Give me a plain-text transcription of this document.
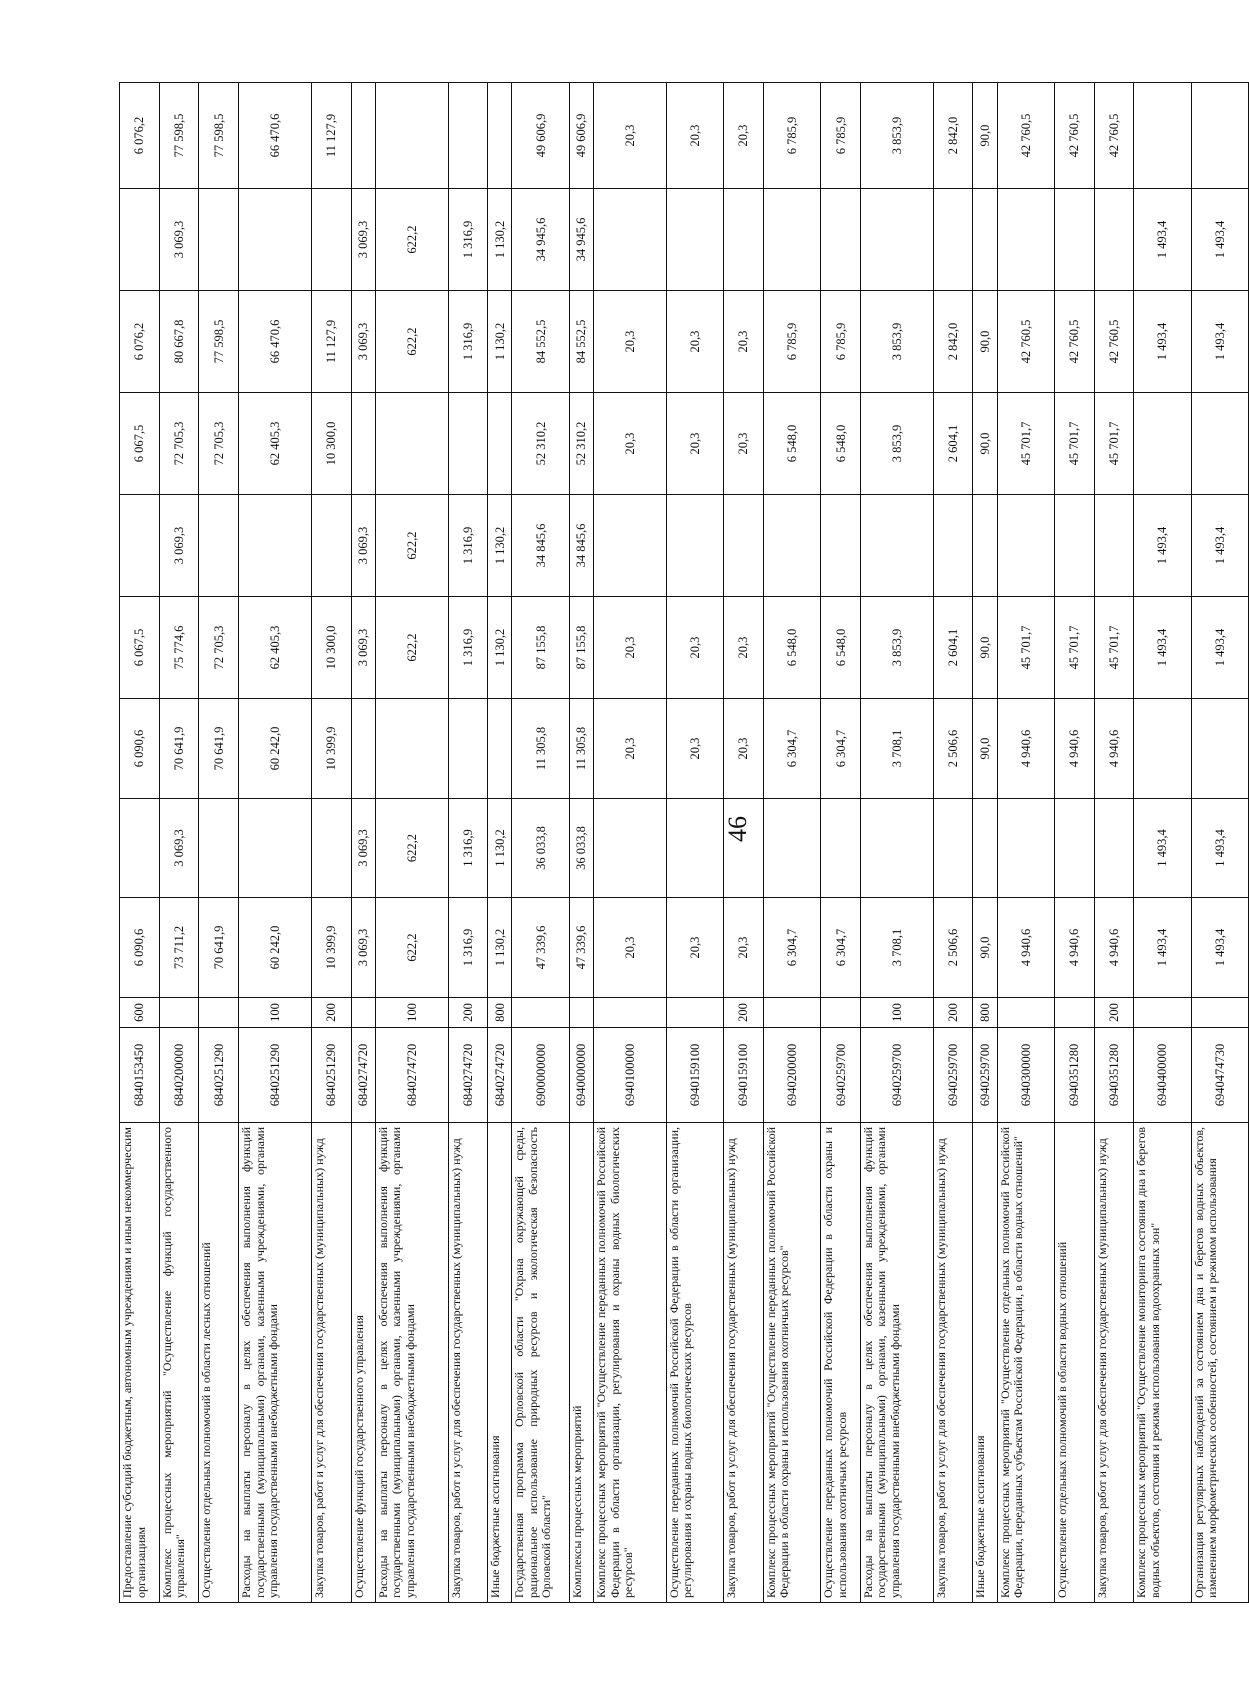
46
Предоставление субсидий бюджетным, автономным учреждениям и иным некоммерческим организациям	6840153450	600	6 090,6		6 090,6	6 067,5		6 067,5	6 076,2		6 076,2
Комплекс процессных мероприятий "Осуществление функций государственного управления"	6840200000		73 711,2	3 069,3	70 641,9	75 774,6	3 069,3	72 705,3	80 667,8	3 069,3	77 598,5
Осуществление отдельных полномочий в области лесных отношений	6840251290		70 641,9		70 641,9	72 705,3		72 705,3	77 598,5		77 598,5
Расходы на выплаты персоналу в целях обеспечения выполнения функций государственными (муниципальными) органами, казенными учреждениями, органами управления государственными внебюджетными фондами	6840251290	100	60 242,0		60 242,0	62 405,3		62 405,3	66 470,6		66 470,6
Закупка товаров, работ и услуг для обеспечения государственных (муниципальных) нужд	6840251290	200	10 399,9		10 399,9	10 300,0		10 300,0	11 127,9		11 127,9
Осуществление функций государственного управления	6840274720		3 069,3	3 069,3		3 069,3	3 069,3		3 069,3	3 069,3	
Расходы на выплаты персоналу в целях обеспечения выполнения функций государственными (муниципальными) органами, казенными учреждениями, органами управления государственными внебюджетными фондами	6840274720	100	622,2	622,2		622,2	622,2		622,2	622,2	
Закупка товаров, работ и услуг для обеспечения государственных (муниципальных) нужд	6840274720	200	1 316,9	1 316,9		1 316,9	1 316,9		1 316,9	1 316,9	
Иные бюджетные ассигнования	6840274720	800	1 130,2	1 130,2		1 130,2	1 130,2		1 130,2	1 130,2	
Государственная программа Орловской области "Охрана окружающей среды, рациональное использование природных ресурсов и экологическая безопасность Орловской области"	6900000000		47 339,6	36 033,8	11 305,8	87 155,8	34 845,6	52 310,2	84 552,5	34 945,6	49 606,9
Комплексы процессных мероприятий	6940000000		47 339,6	36 033,8	11 305,8	87 155,8	34 845,6	52 310,2	84 552,5	34 945,6	49 606,9
Комплекс процессных мероприятий "Осуществление переданных полномочий Российской Федерации в области организации, регулирования и охраны водных биологических ресурсов"	6940100000		20,3		20,3	20,3		20,3	20,3		20,3
Осуществление переданных полномочий Российской Федерации в области организации, регулирования и охраны водных биологических ресурсов	6940159100		20,3		20,3	20,3		20,3	20,3		20,3
Закупка товаров, работ и услуг для обеспечения государственных (муниципальных) нужд	6940159100	200	20,3		20,3	20,3		20,3	20,3		20,3
Комплекс процессных мероприятий "Осуществление переданных полномочий Российской Федерации в области охраны и использования охотничьих ресурсов"	6940200000		6 304,7		6 304,7	6 548,0		6 548,0	6 785,9		6 785,9
Осуществление переданных полномочий Российской Федерации в области охраны и использования охотничьих ресурсов	6940259700		6 304,7		6 304,7	6 548,0		6 548,0	6 785,9		6 785,9
Расходы на выплаты персоналу в целях обеспечения выполнения функций государственными (муниципальными) органами, казенными учреждениями, органами управления государственными внебюджетными фондами	6940259700	100	3 708,1		3 708,1	3 853,9		3 853,9	3 853,9		3 853,9
Закупка товаров, работ и услуг для обеспечения государственных (муниципальных) нужд	6940259700	200	2 506,6		2 506,6	2 604,1		2 604,1	2 842,0		2 842,0
Иные бюджетные ассигнования	6940259700	800	90,0		90,0	90,0		90,0	90,0		90,0
Комплекс процессных мероприятий "Осуществление отдельных полномочий Российской Федерации, переданных субъектам Российской Федерации, в области водных отношений"	6940300000		4 940,6		4 940,6	45 701,7		45 701,7	42 760,5		42 760,5
Осуществление отдельных полномочий в области водных отношений	6940351280		4 940,6		4 940,6	45 701,7		45 701,7	42 760,5		42 760,5
Закупка товаров, работ и услуг для обеспечения государственных (муниципальных) нужд	6940351280	200	4 940,6		4 940,6	45 701,7		45 701,7	42 760,5		42 760,5
Комплекс процессных мероприятий "Осуществление мониторинга состояния дна и берегов водных объектов, состояния и режима использования водоохранных зон"	6940400000		1 493,4	1 493,4		1 493,4	1 493,4		1 493,4	1 493,4	
Организация регулярных наблюдений за состоянием дна и берегов водных объектов, изменением морфометрических особенностей, состоянием и режимом использования	6940474730		1 493,4	1 493,4		1 493,4	1 493,4		1 493,4	1 493,4	
